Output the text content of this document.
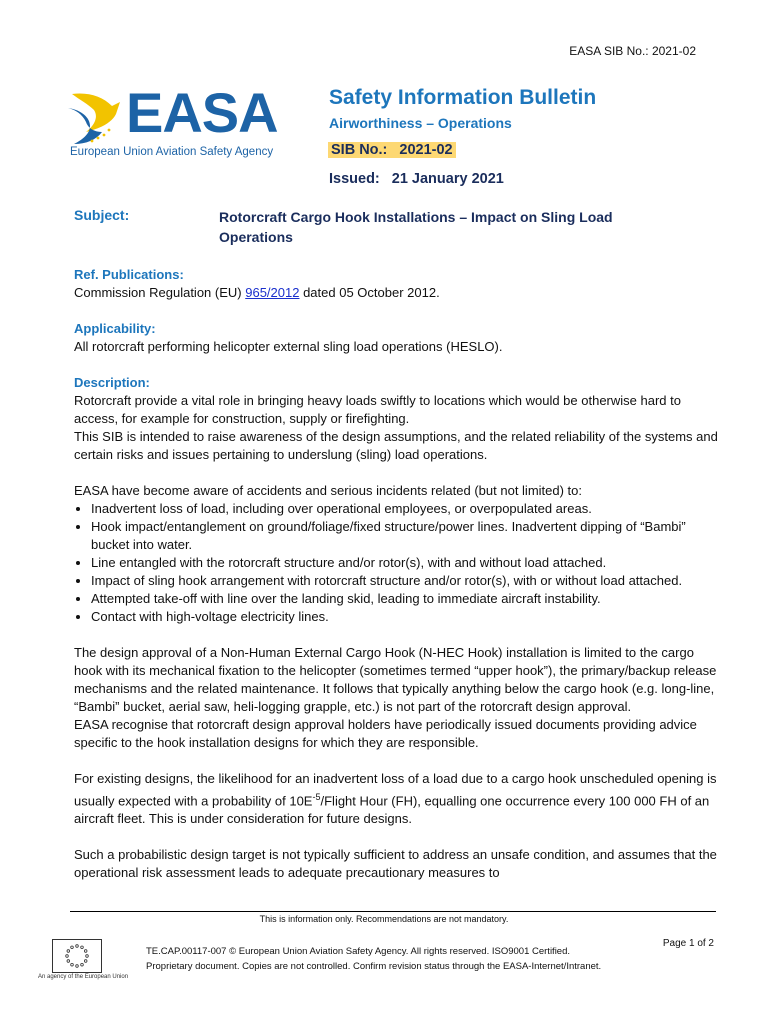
EASA SIB No.: 2021-02
EASA
European Union Aviation Safety Agency
Safety Information Bulletin
Airworthiness – Operations
SIB No.: 2021-02
Issued: 21 January 2021
Subject:	Rotorcraft Cargo Hook Installations – Impact on Sling Load Operations

Ref. Publications:

Commission Regulation (EU) 965/2012 dated 05 October 2012.

Applicability:

All rotorcraft performing helicopter external sling load operations (HESLO).

Description:

Rotorcraft provide a vital role in bringing heavy loads swiftly to locations which would be otherwise hard to access, for example for construction, supply or firefighting.

This SIB is intended to raise awareness of the design assumptions, and the related reliability of the systems and certain risks and issues pertaining to underslung (sling) load operations.

EASA have become aware of accidents and serious incidents related (but not limited) to:

• Inadvertent loss of load, including over operational employees, or overpopulated areas.
• Hook impact/entanglement on ground/foliage/fixed structure/power lines. Inadvertent dipping of “Bambi” bucket into water.
• Line entangled with the rotorcraft structure and/or rotor(s), with and without load attached.
• Impact of sling hook arrangement with rotorcraft structure and/or rotor(s), with or without load attached.
• Attempted take-off with line over the landing skid, leading to immediate aircraft instability.
• Contact with high-voltage electricity lines.

The design approval of a Non-Human External Cargo Hook (N-HEC Hook) installation is limited to the cargo hook with its mechanical fixation to the helicopter (sometimes termed “upper hook”), the primary/backup release mechanisms and the related maintenance. It follows that typically anything below the cargo hook (e.g. long-line, “Bambi” bucket, aerial saw, heli-logging grapple, etc.) is not part of the rotorcraft design approval.

EASA recognise that rotorcraft design approval holders have periodically issued documents providing advice specific to the hook installation designs for which they are responsible.

For existing designs, the likelihood for an inadvertent loss of a load due to a cargo hook unscheduled opening is usually expected with a probability of $10E^{-5}$/Flight Hour (FH), equalling one occurrence every 100 000 FH of an aircraft fleet. This is under consideration for future designs.

Such a probabilistic design target is not typically sufficient to address an unsafe condition, and assumes that the operational risk assessment leads to adequate precautionary measures to

This is information only. Recommendations are not mandatory.
An agency of the European Union
TE.CAP.00117-007 © European Union Aviation Safety Agency. All rights reserved. ISO9001 Certified.
Proprietary document. Copies are not controlled. Confirm revision status through the EASA-Internet/Intranet.
Page 1 of 2
